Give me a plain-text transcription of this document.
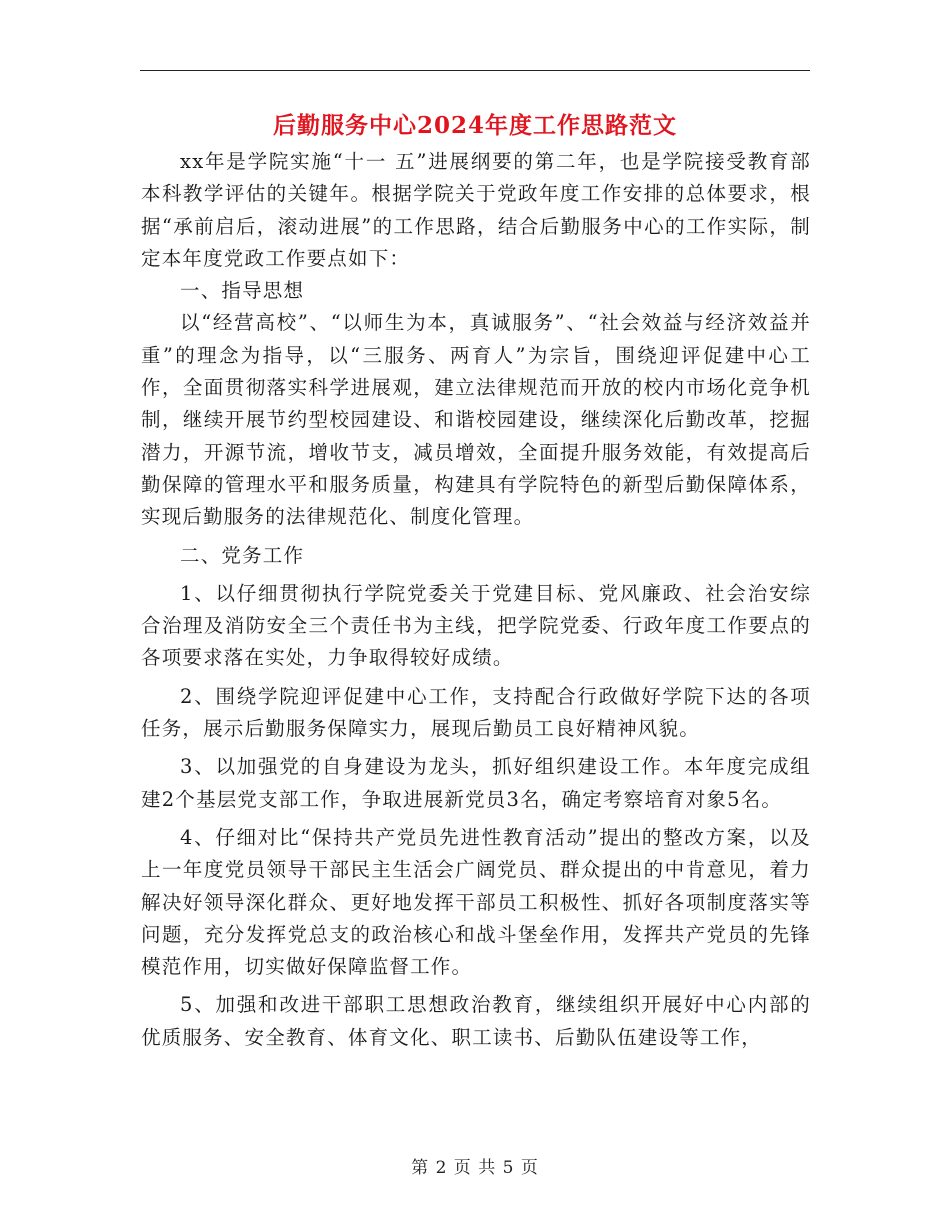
后勤服务中心2024年度工作思路范文

xx年是学院实施“十一 五”进展纲要的第二年，也是学院接受教育部本科教学评估的关键年。根据学院关于党政年度工作安排的总体要求，根据“承前启后，滚动进展”的工作思路，结合后勤服务中心的工作实际，制定本年度党政工作要点如下：

一、指导思想

以“经营高校”、“以师生为本，真诚服务”、“社会效益与经济效益并重”的理念为指导，以“三服务、两育人”为宗旨，围绕迎评促建中心工作，全面贯彻落实科学进展观，建立法律规范而开放的校内市场化竞争机制，继续开展节约型校园建设、和谐校园建设，继续深化后勤改革，挖掘潜力，开源节流，增收节支，减员增效，全面提升服务效能，有效提高后勤保障的管理水平和服务质量，构建具有学院特色的新型后勤保障体系，实现后勤服务的法律规范化、制度化管理。

二、党务工作

1、以仔细贯彻执行学院党委关于党建目标、党风廉政、社会治安综合治理及消防安全三个责任书为主线，把学院党委、行政年度工作要点的各项要求落在实处，力争取得较好成绩。

2、围绕学院迎评促建中心工作，支持配合行政做好学院下达的各项任务，展示后勤服务保障实力，展现后勤员工良好精神风貌。

3、以加强党的自身建设为龙头，抓好组织建设工作。本年度完成组建2个基层党支部工作，争取进展新党员3名，确定考察培育对象5名。

4、仔细对比“保持共产党员先进性教育活动”提出的整改方案，以及上一年度党员领导干部民主生活会广阔党员、群众提出的中肯意见，着力解决好领导深化群众、更好地发挥干部员工积极性、抓好各项制度落实等问题，充分发挥党总支的政治核心和战斗堡垒作用，发挥共产党员的先锋模范作用，切实做好保障监督工作。

5、加强和改进干部职工思想政治教育，继续组织开展好中心内部的优质服务、安全教育、体育文化、职工读书、后勤队伍建设等工作，

第 2 页 共 5 页
